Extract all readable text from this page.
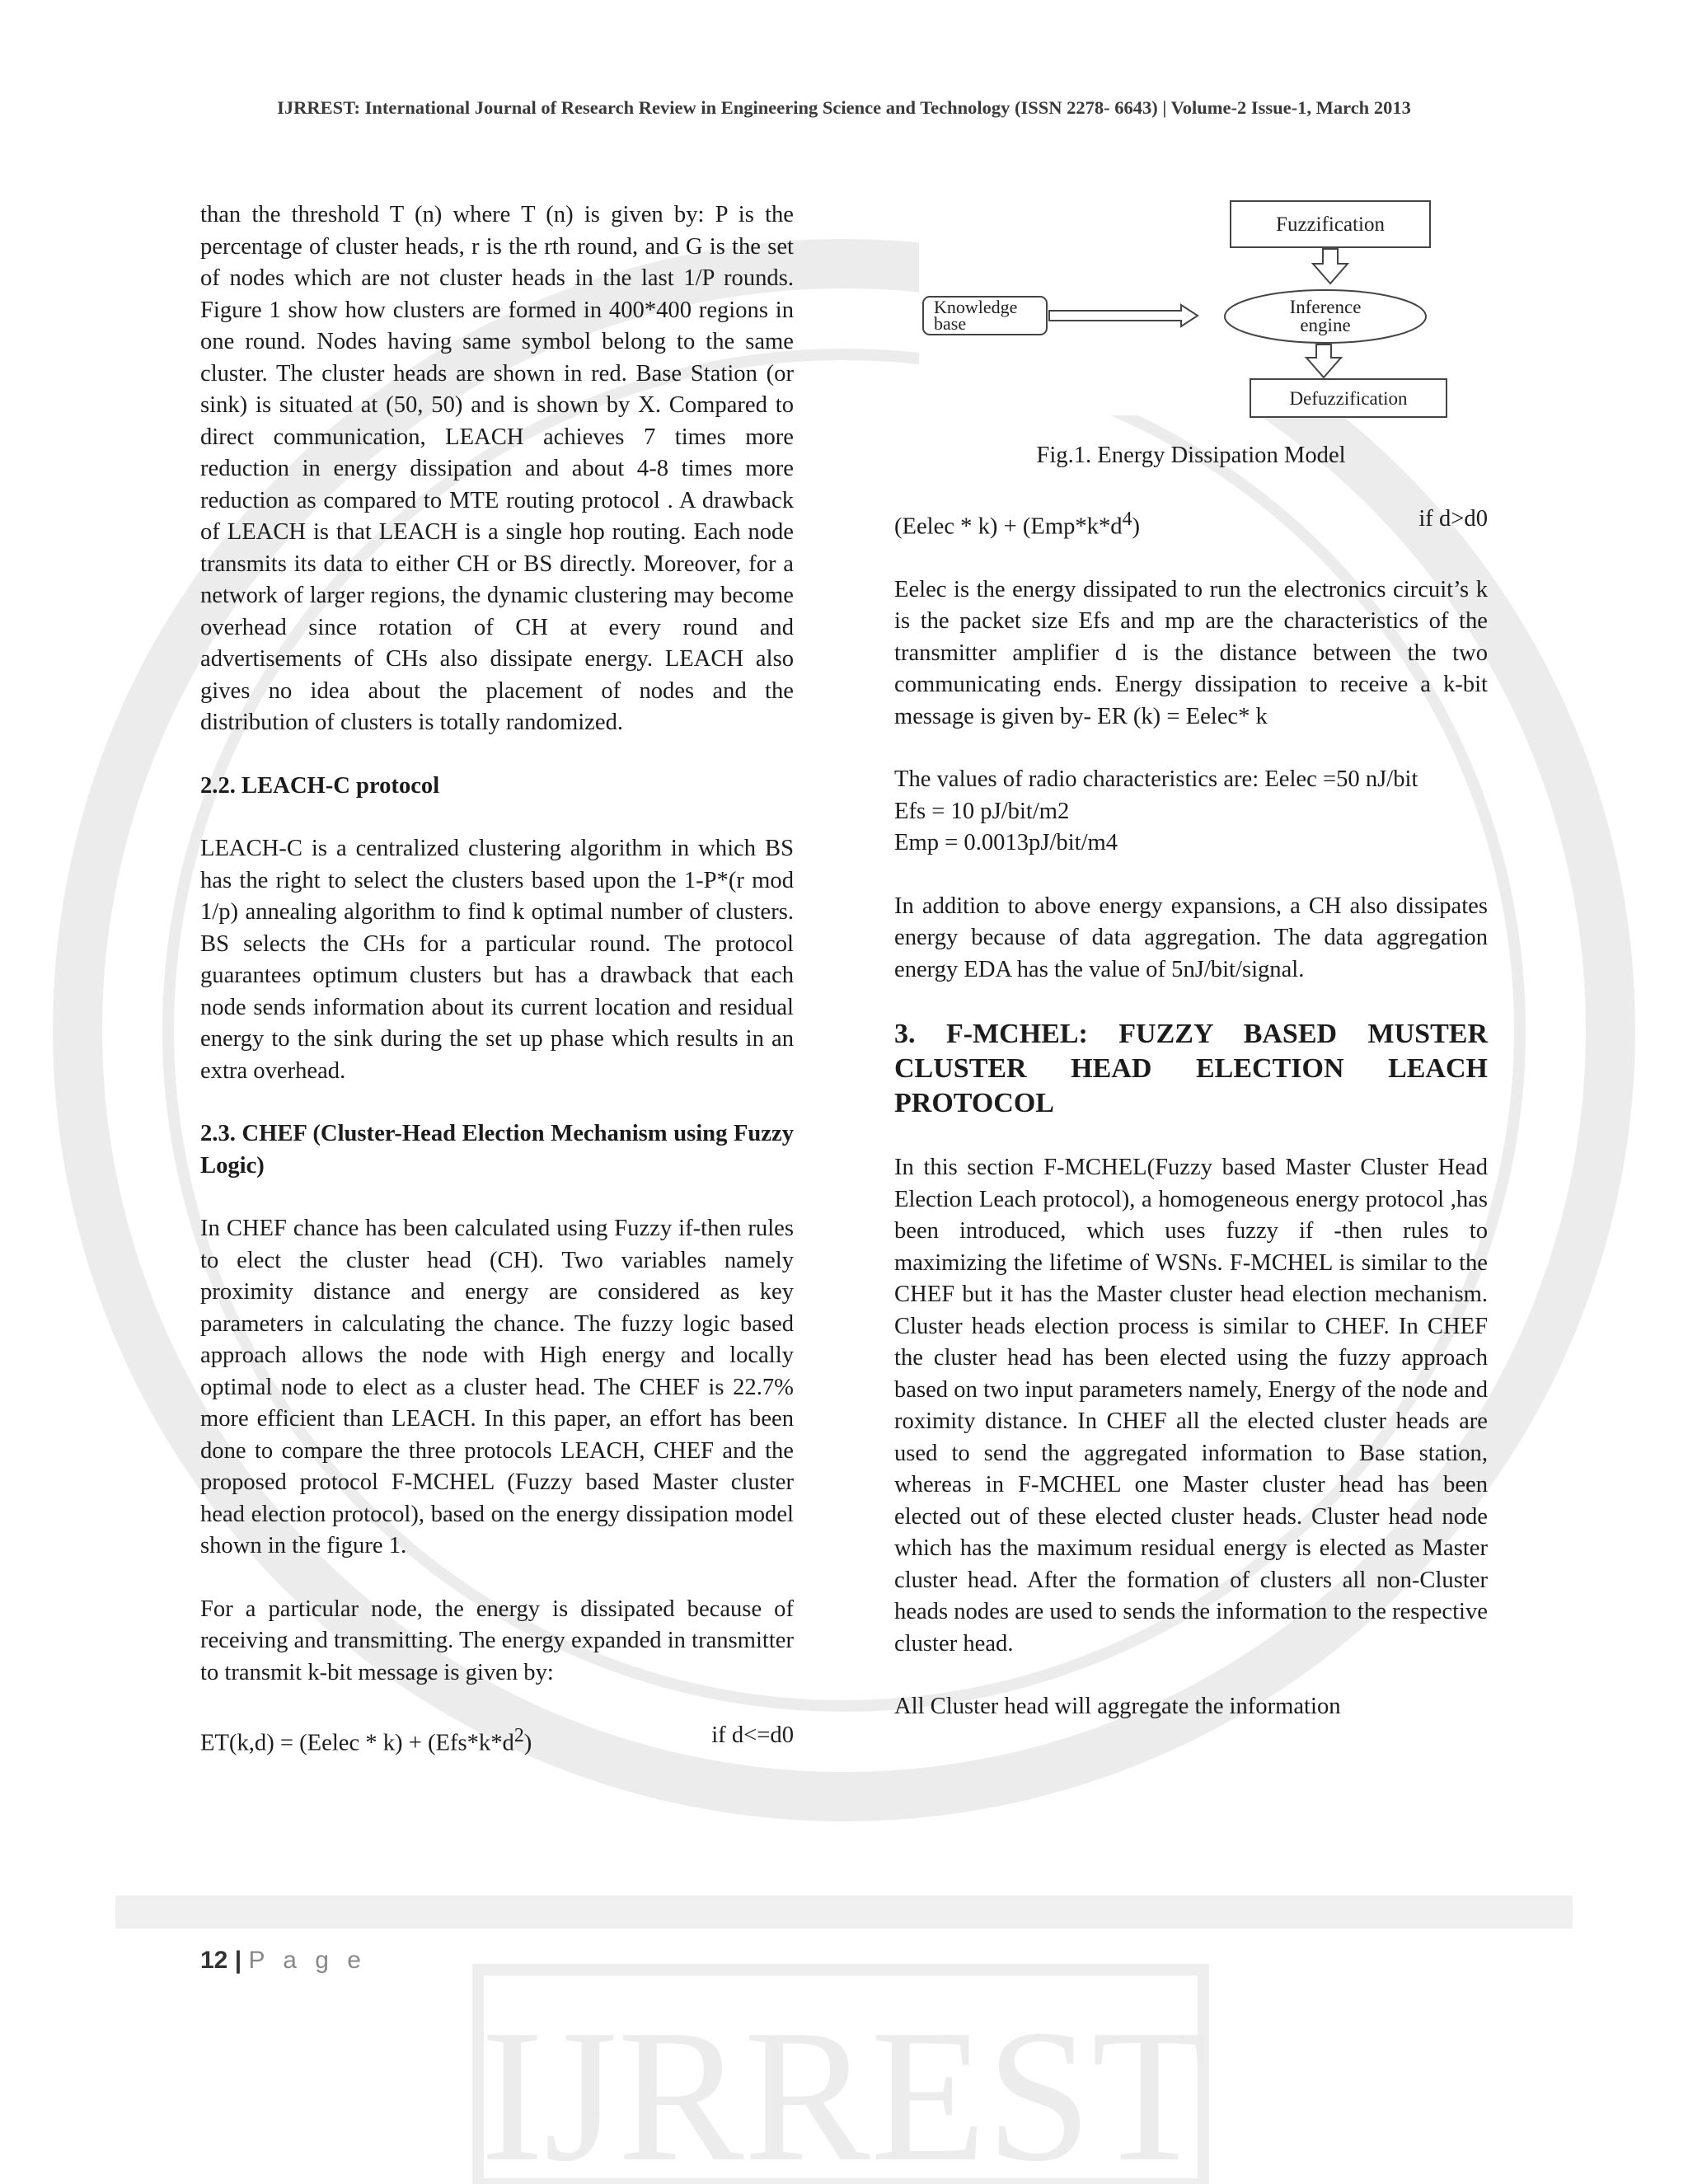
IJRREST
IJRREST: International Journal of Research Review in Engineering Science and Technology (ISSN 2278- 6643) | Volume-2 Issue-1, March 2013

than the threshold T (n) where T (n) is given by: P is the percentage of cluster heads, r is the rth round, and G is the set of nodes which are not cluster heads in the last 1/P rounds. Figure 1 show how clusters are formed in 400*400 regions in one round. Nodes having same symbol belong to the same cluster. The cluster heads are shown in red. Base Station (or sink) is situated at (50, 50) and is shown by X. Compared to direct communication, LEACH achieves 7 times more reduction in energy dissipation and about 4-8 times more reduction as compared to MTE routing protocol . A drawback of LEACH is that LEACH is a single hop routing. Each node transmits its data to either CH or BS directly. Moreover, for a network of larger regions, the dynamic clustering may become overhead since rotation of CH at every round and advertisements of CHs also dissipate energy. LEACH also gives no idea about the placement of nodes and the distribution of clusters is totally randomized.

2.2. LEACH-C protocol

LEACH-C is a centralized clustering algorithm in which BS has the right to select the clusters based upon the 1-P*(r mod 1/p) annealing algorithm to find k optimal number of clusters. BS selects the CHs for a particular round. The protocol guarantees optimum clusters but has a drawback that each node sends information about its current location and residual energy to the sink during the set up phase which results in an extra overhead.

2.3. CHEF (Cluster-Head Election Mechanism using Fuzzy Logic)

In CHEF chance has been calculated using Fuzzy if-then rules to elect the cluster head (CH). Two variables namely proximity distance and energy are considered as key parameters in calculating the chance. The fuzzy logic based approach allows the node with High energy and locally optimal node to elect as a cluster head. The CHEF is 22.7% more efficient than LEACH. In this paper, an effort has been done to compare the three protocols LEACH, CHEF and the proposed protocol F-MCHEL (Fuzzy based Master cluster head election protocol), based on the energy dissipation model shown in the figure 1.

For a particular node, the energy is dissipated because of receiving and transmitting. The energy expanded in transmitter to transmit k-bit message is given by:

ET(k,d) = (Eelec * $k) + (Efs*k*d^2)$	if d<=d0

Fuzzification
Knowledge
base
Inference
engine
Defuzzification

Fig.1. Energy Dissipation Model

(Eelec * $k) + (Emp*k*d^4)$	if d>d0

Eelec is the energy dissipated to run the electronics circuit’s k is the packet size Efs and mp are the characteristics of the transmitter amplifier d is the distance between the two communicating ends. Energy dissipation to receive a k-bit message is given by- ER (k) = Eelec* k

The values of radio characteristics are: Eelec =50 nJ/bit

Efs = 10 pJ/bit/m2

Emp = 0.0013pJ/bit/m4

In addition to above energy expansions, a CH also dissipates energy because of data aggregation. The data aggregation energy EDA has the value of 5nJ/bit/signal.

3. F-MCHEL: FUZZY BASED MUSTER CLUSTER HEAD ELECTION LEACH PROTOCOL

In this section F-MCHEL(Fuzzy based Master Cluster Head Election Leach protocol), a homogeneous energy protocol ,has been introduced, which uses fuzzy if -then rules to maximizing the lifetime of WSNs. F-MCHEL is similar to the CHEF but it has the Master cluster head election mechanism. Cluster heads election process is similar to CHEF. In CHEF the cluster head has been elected using the fuzzy approach based on two input parameters namely, Energy of the node and roximity distance. In CHEF all the elected cluster heads are used to send the aggregated information to Base station, whereas in F-MCHEL one Master cluster head has been elected out of these elected cluster heads. Cluster head node which has the maximum residual energy is elected as Master cluster head. After the formation of clusters all non-Cluster heads nodes are used to sends the information to the respective cluster head.

All Cluster head will aggregate the information

12 | P a g e
